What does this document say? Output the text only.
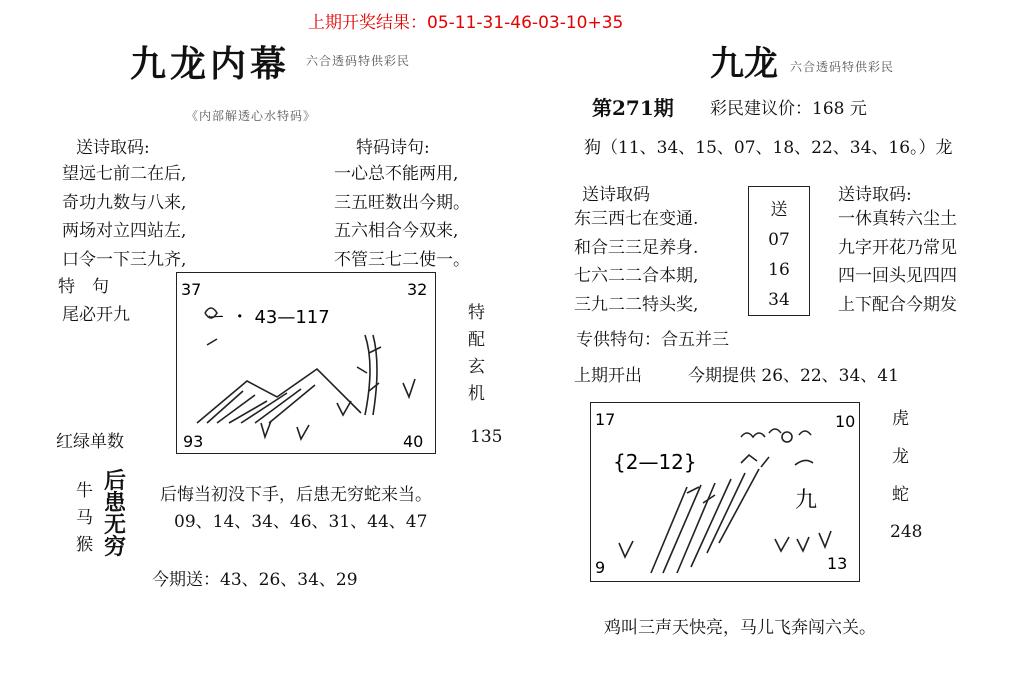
上期开奖结果：05-11-31-46-03-10+35
九龙内幕 六合透码特供彩民
《内部解透心水特码》
送诗取码:	特码诗句:
望远七前二在后,
奇功九数与八来,
两场对立四站左,
口令一下三九齐,
一心总不能两用,
三五旺数出今期。
五六相合今双来,
不管三七二使一。
特　句
尾必开九
37	32
93	40
ー ・ 43—117	特
配
玄
机
红绿单数	135
牛
马
猴
后
患
无
穷
后悔当初没下手，后患无穷蛇来当。
09、14、34、46、31、44、47
今期送：43、26、34、29
九龙 六合透码特供彩民
第271期 彩民建议价：168 元
狗（11、34、15、07、18、22、34、16。）龙
送诗取码	送诗取码:
东三西七在变通.
和合三三足养身.
七六二二合本期,
三九二二特头奖,
送
07
16
34
一休真转六尘土
九字开花乃常见
四一回头见四四
上下配合今期发
专供特句：合五并三
上期开出	今期提供 26、22、34、41
17	10
9	13
{2—12}
九
虎
龙
蛇
248
鸡叫三声天快亮，马儿飞奔闯六关。
